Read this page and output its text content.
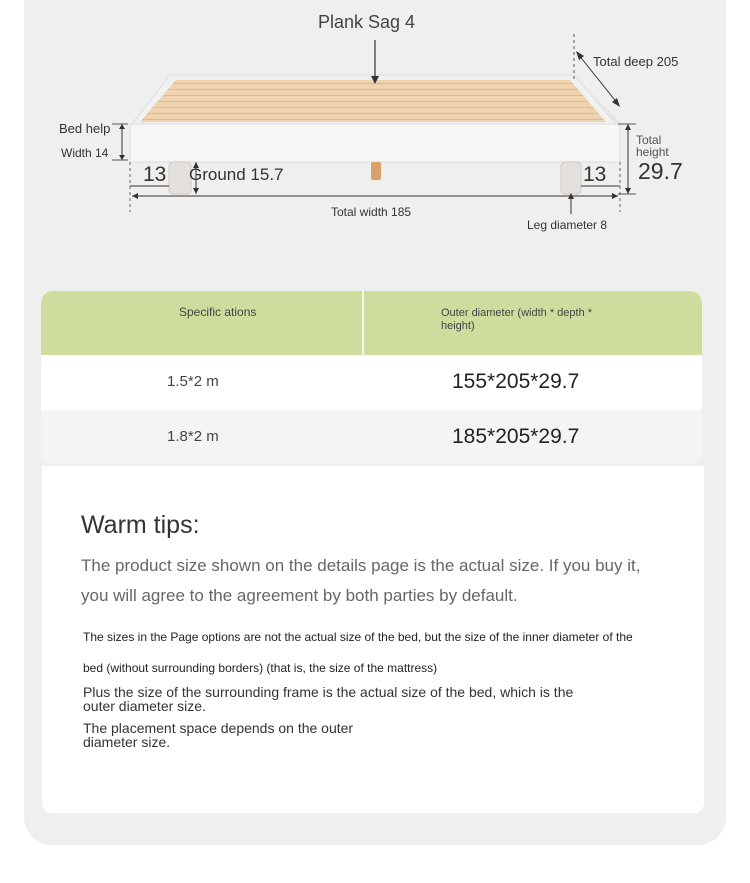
Plank Sag 4
Total deep 205
Bed help
Width 14
Total
height
29.7
13 Ground 15.7	13
Total width 185
Leg diameter 8
Specific ations	Outer diameter (width * depth * height)
1.5*2 m	155*205*29.7
1.8*2 m	185*205*29.7
Warm tips:
The product size shown on the details page is the actual size. If you buy it, you will agree to the agreement by both parties by default.
The sizes in the Page options are not the actual size of the bed, but the size of the inner diameter of the bed (without surrounding borders) (that is, the size of the mattress)
Plus the size of the surrounding frame is the actual size of the bed, which is the outer diameter size.
The placement space depends on the outer diameter size.
